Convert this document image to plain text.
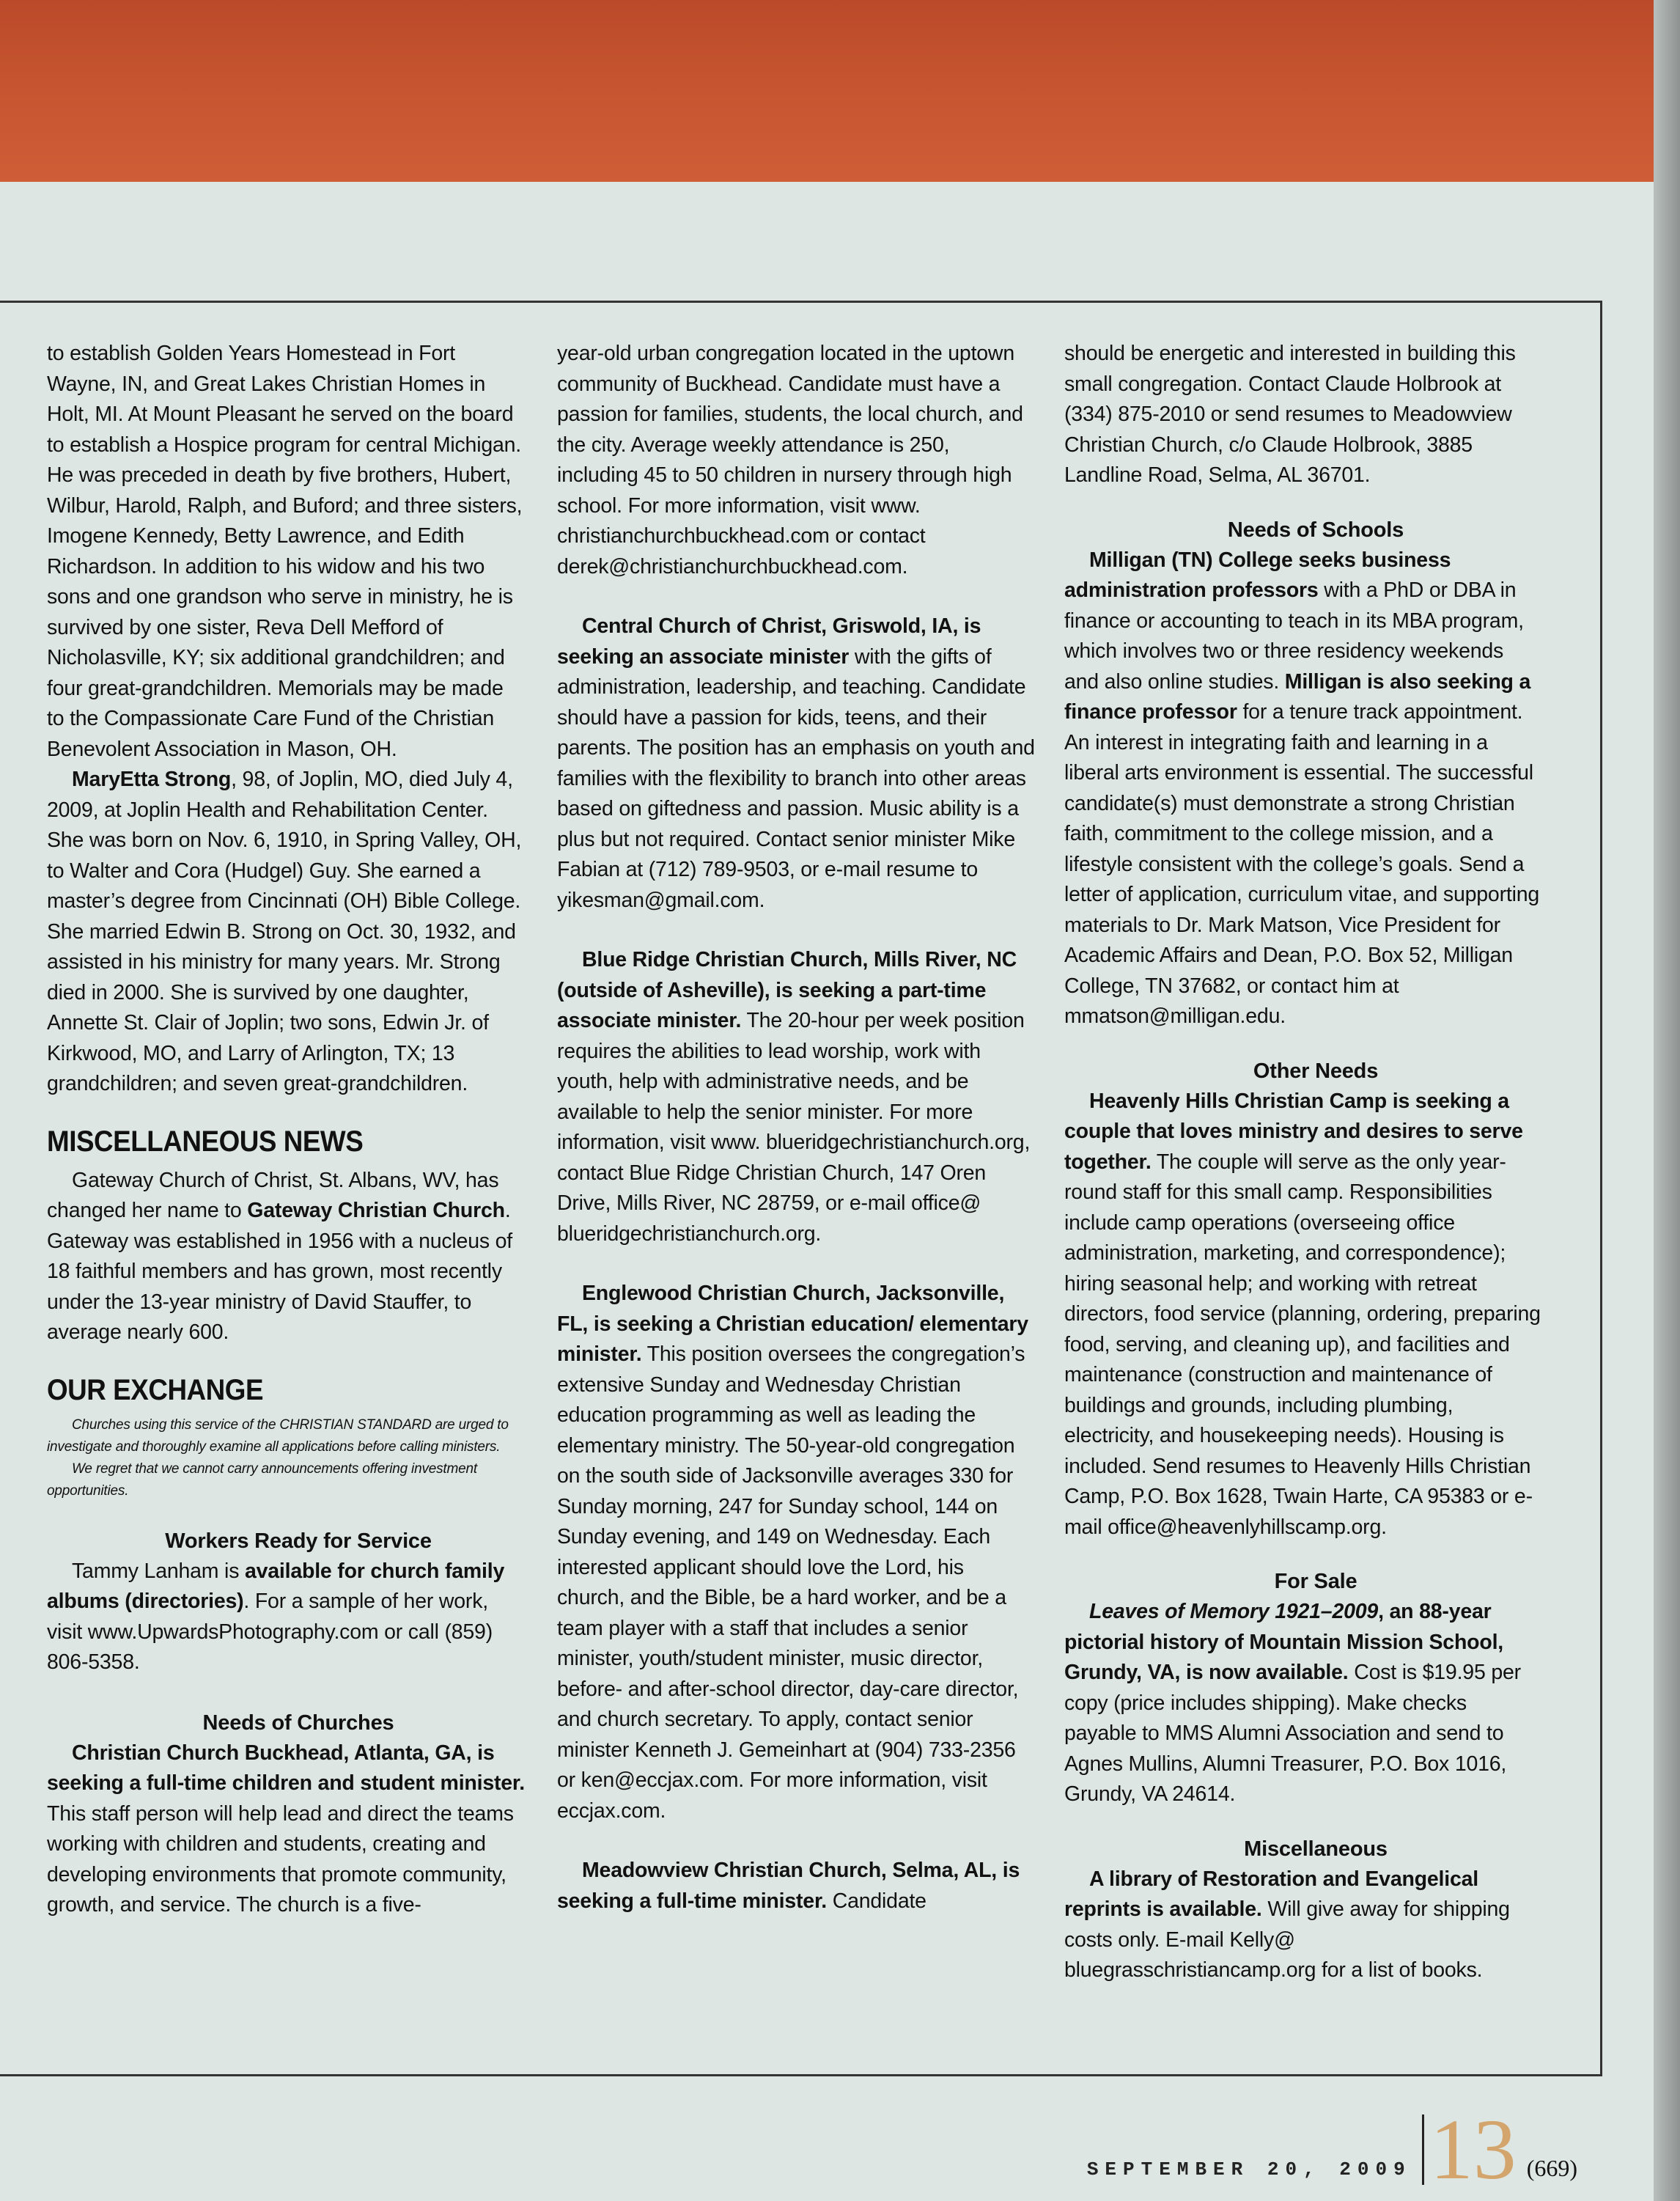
to establish Golden Years Homestead in Fort Wayne, IN, and Great Lakes Christian Homes in Holt, MI. At Mount Pleasant he served on the board to establish a Hospice program for central Michigan. He was preceded in death by five brothers, Hubert, Wilbur, Harold, Ralph, and Buford; and three sisters, Imogene Kennedy, Betty Lawrence, and Edith Richardson. In addition to his widow and his two sons and one grandson who serve in ministry, he is survived by one sister, Reva Dell Mefford of Nicholasville, KY; six additional grandchildren; and four great-grandchildren. Memorials may be made to the Compassionate Care Fund of the Christian Benevolent Association in Mason, OH.

MaryEtta Strong, 98, of Joplin, MO, died July 4, 2009, at Joplin Health and Rehabilitation Center. She was born on Nov. 6, 1910, in Spring Valley, OH, to Walter and Cora (Hudgel) Guy. She earned a master’s degree from Cincinnati (OH) Bible College. She married Edwin B. Strong on Oct. 30, 1932, and assisted in his ministry for many years. Mr. Strong died in 2000. She is survived by one daughter, Annette St. Clair of Joplin; two sons, Edwin Jr. of Kirkwood, MO, and Larry of Arlington, TX; 13 grandchildren; and seven great-grandchildren.

MISCELLANEOUS NEWS

Gateway Church of Christ, St. Albans, WV, has changed her name to Gateway Christian Church. Gateway was established in 1956 with a nucleus of 18 faithful members and has grown, most recently under the 13-year ministry of David Stauffer, to average nearly 600.

OUR EXCHANGE

Churches using this service of the CHRISTIAN STANDARD are urged to investigate and thoroughly examine all applications before calling ministers.

We regret that we cannot carry announcements offering investment opportunities.

Workers Ready for Service

Tammy Lanham is available for church family albums (directories). For a sample of her work, visit www.UpwardsPhotography.com or call (859) 806-5358.

Needs of Churches

Christian Church Buckhead, Atlanta, GA, is seeking a full-time children and student minister. This staff person will help lead and direct the teams working with children and students, creating and developing environments that promote community, growth, and service. The church is a five-

year-old urban congregation located in the uptown community of Buckhead. Candidate must have a passion for families, students, the local church, and the city. Average weekly attendance is 250, including 45 to 50 children in nursery through high school. For more information, visit www. christianchurchbuckhead.com or contact derek@christianchurchbuckhead.com.

Central Church of Christ, Griswold, IA, is seeking an associate minister with the gifts of administration, leadership, and teaching. Candidate should have a passion for kids, teens, and their parents. The position has an emphasis on youth and families with the flexibility to branch into other areas based on giftedness and passion. Music ability is a plus but not required. Contact senior minister Mike Fabian at (712) 789-9503, or e-mail resume to yikesman@gmail.com.

Blue Ridge Christian Church, Mills River, NC (outside of Asheville), is seeking a part-time associate minister. The 20-hour per week position requires the abilities to lead worship, work with youth, help with administrative needs, and be available to help the senior minister. For more information, visit www. blueridgechristianchurch.org, contact Blue Ridge Christian Church, 147 Oren Drive, Mills River, NC 28759, or e-mail office@ blueridgechristianchurch.org.

Englewood Christian Church, Jacksonville, FL, is seeking a Christian education/ elementary minister. This position oversees the congregation’s extensive Sunday and Wednesday Christian education programming as well as leading the elementary ministry. The 50-year-old congregation on the south side of Jacksonville averages 330 for Sunday morning, 247 for Sunday school, 144 on Sunday evening, and 149 on Wednesday. Each interested applicant should love the Lord, his church, and the Bible, be a hard worker, and be a team player with a staff that includes a senior minister, youth/student minister, music director, before- and after-school director, day-care director, and church secretary. To apply, contact senior minister Kenneth J. Gemeinhart at (904) 733-2356 or ken@eccjax.com. For more information, visit eccjax.com.

Meadowview Christian Church, Selma, AL, is seeking a full-time minister. Candidate

should be energetic and interested in building this small congregation. Contact Claude Holbrook at (334) 875-2010 or send resumes to Meadowview Christian Church, c/o Claude Holbrook, 3885 Landline Road, Selma, AL 36701.

Needs of Schools

Milligan (TN) College seeks business administration professors with a PhD or DBA in finance or accounting to teach in its MBA program, which involves two or three residency weekends and also online studies. Milligan is also seeking a finance professor for a tenure track appointment. An interest in integrating faith and learning in a liberal arts environment is essential. The successful candidate(s) must demonstrate a strong Christian faith, commitment to the college mission, and a lifestyle consistent with the college’s goals. Send a letter of application, curriculum vitae, and supporting materials to Dr. Mark Matson, Vice President for Academic Affairs and Dean, P.O. Box 52, Milligan College, TN 37682, or contact him at mmatson@milligan.edu.

Other Needs

Heavenly Hills Christian Camp is seeking a couple that loves ministry and desires to serve together. The couple will serve as the only year-round staff for this small camp. Responsibilities include camp operations (overseeing office administration, marketing, and correspondence); hiring seasonal help; and working with retreat directors, food service (planning, ordering, preparing food, serving, and cleaning up), and facilities and maintenance (construction and maintenance of buildings and grounds, including plumbing, electricity, and housekeeping needs). Housing is included. Send resumes to Heavenly Hills Christian Camp, P.O. Box 1628, Twain Harte, CA 95383 or e-mail office@heavenlyhillscamp.org.

For Sale

Leaves of Memory 1921–2009, an 88-year pictorial history of Mountain Mission School, Grundy, VA, is now available. Cost is $19.95 per copy (price includes shipping). Make checks payable to MMS Alumni Association and send to Agnes Mullins, Alumni Treasurer, P.O. Box 1016, Grundy, VA 24614.

Miscellaneous

A library of Restoration and Evangelical reprints is available. Will give away for shipping costs only. E-mail Kelly@ bluegrasschristiancamp.org for a list of books.

SEPTEMBER 20, 2009 13 (669)
